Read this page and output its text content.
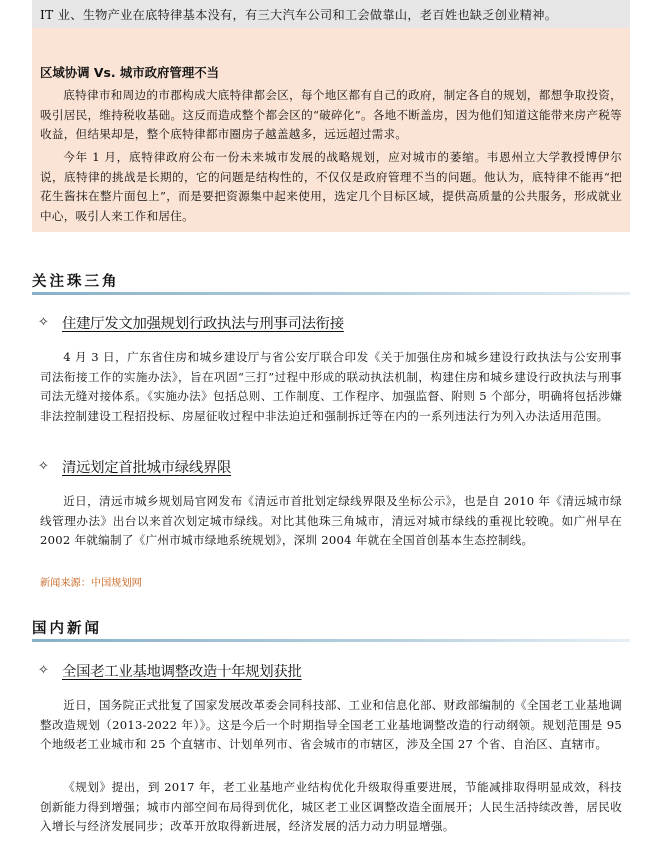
IT 业、生物产业在底特律基本没有，有三大汽车公司和工会做靠山，老百姓也缺乏创业精神。

区域协调 Vs. 城市政府管理不当

底特律市和周边的市郡构成大底特律都会区，每个地区都有自己的政府，制定各自的规划，都想争取投资，吸引居民，维持税收基础。这反而造成整个都会区的“破碎化”。各地不断盖房，因为他们知道这能带来房产税等收益，但结果却是，整个底特律都市圈房子越盖越多，远远超过需求。

今年 1 月，底特律政府公布一份未来城市发展的战略规划，应对城市的萎缩。韦恩州立大学教授博伊尔说，底特律的挑战是长期的，它的问题是结构性的，不仅仅是政府管理不当的问题。他认为，底特律不能再“把花生酱抹在整片面包上”，而是要把资源集中起来使用，选定几个目标区域，提供高质量的公共服务，形成就业中心，吸引人来工作和居住。

关注珠三角
✧ 住建厅发文加强规划行政执法与刑事司法衔接

4 月 3 日，广东省住房和城乡建设厅与省公安厅联合印发《关于加强住房和城乡建设行政执法与公安刑事司法衔接工作的实施办法》，旨在巩固“三打”过程中形成的联动执法机制，构建住房和城乡建设行政执法与刑事司法无缝对接体系。《实施办法》包括总则、工作制度、工作程序、加强监督、附则 5 个部分，明确将包括涉嫌非法控制建设工程招投标、房屋征收过程中非法迫迁和强制拆迁等在内的一系列违法行为列入办法适用范围。

✧ 清远划定首批城市绿线界限

近日，清远市城乡规划局官网发布《清远市首批划定绿线界限及坐标公示》，也是自 2010 年《清远城市绿线管理办法》出台以来首次划定城市绿线。对比其他珠三角城市，清远对城市绿线的重视比较晚。如广州早在 2002 年就编制了《广州市城市绿地系统规划》，深圳 2004 年就在全国首创基本生态控制线。

新闻来源：中国规划网

国内新闻
✧ 全国老工业基地调整改造十年规划获批

近日，国务院正式批复了国家发展改革委会同科技部、工业和信息化部、财政部编制的《全国老工业基地调整改造规划（2013-2022 年）》。这是今后一个时期指导全国老工业基地调整改造的行动纲领。规划范围是 95 个地级老工业城市和 25 个直辖市、计划单列市、省会城市的市辖区，涉及全国 27 个省、自治区、直辖市。

《规划》提出，到 2017 年，老工业基地产业结构优化升级取得重要进展，节能减排取得明显成效，科技创新能力得到增强；城市内部空间布局得到优化，城区老工业区调整改造全面展开；人民生活持续改善，居民收入增长与经济发展同步；改革开放取得新进展，经济发展的活力动力明显增强。
